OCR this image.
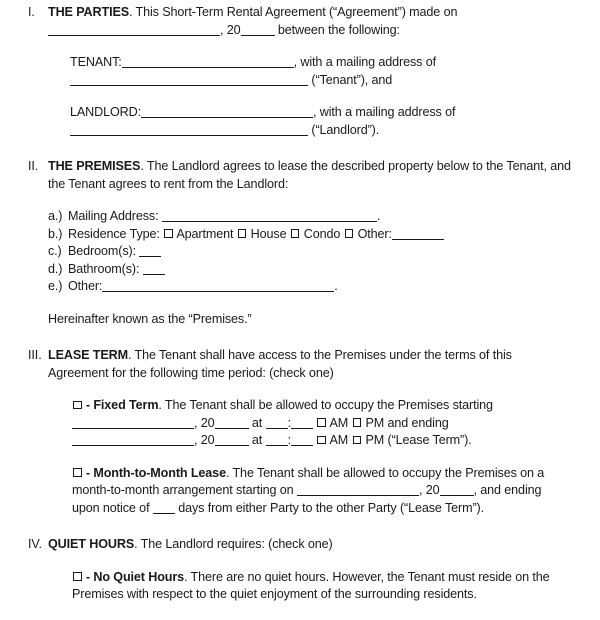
I.	THE PARTIES. This Short-Term Rental Agreement (“Agreement”) made on
, 20	between the following:
TENANT:	, with a mailing address of
(“Tenant”), and
LANDLORD:	, with a mailing address of
(“Landlord”).
II. THE PREMISES. The Landlord agrees to lease the described property below to the Tenant, and the Tenant agrees to rent from the Landlord:
a.) Mailing Address:	.
b.) Residence Type: Apartment House Condo Other:
c.) Bedroom(s):
d.) Bathroom(s):
e.) Other:	.
Hereinafter known as the “Premises.”
III. LEASE TERM. The Tenant shall have access to the Premises under the terms of this Agreement for the following time period: (check one)
- Fixed Term. The Tenant shall be allowed to occupy the Premises starting
, 20	at :	AM PM and ending
, 20	at :	AM PM (“Lease Term”).
- Month-to-Month Lease. The Tenant shall be allowed to occupy the Premises on a month-to-month arrangement starting on	, 20	, and ending upon notice of  days from either Party to the other Party (“Lease Term”).
IV. QUIET HOURS. The Landlord requires: (check one)
- No Quiet Hours. There are no quiet hours. However, the Tenant must reside on the Premises with respect to the quiet enjoyment of the surrounding residents.
